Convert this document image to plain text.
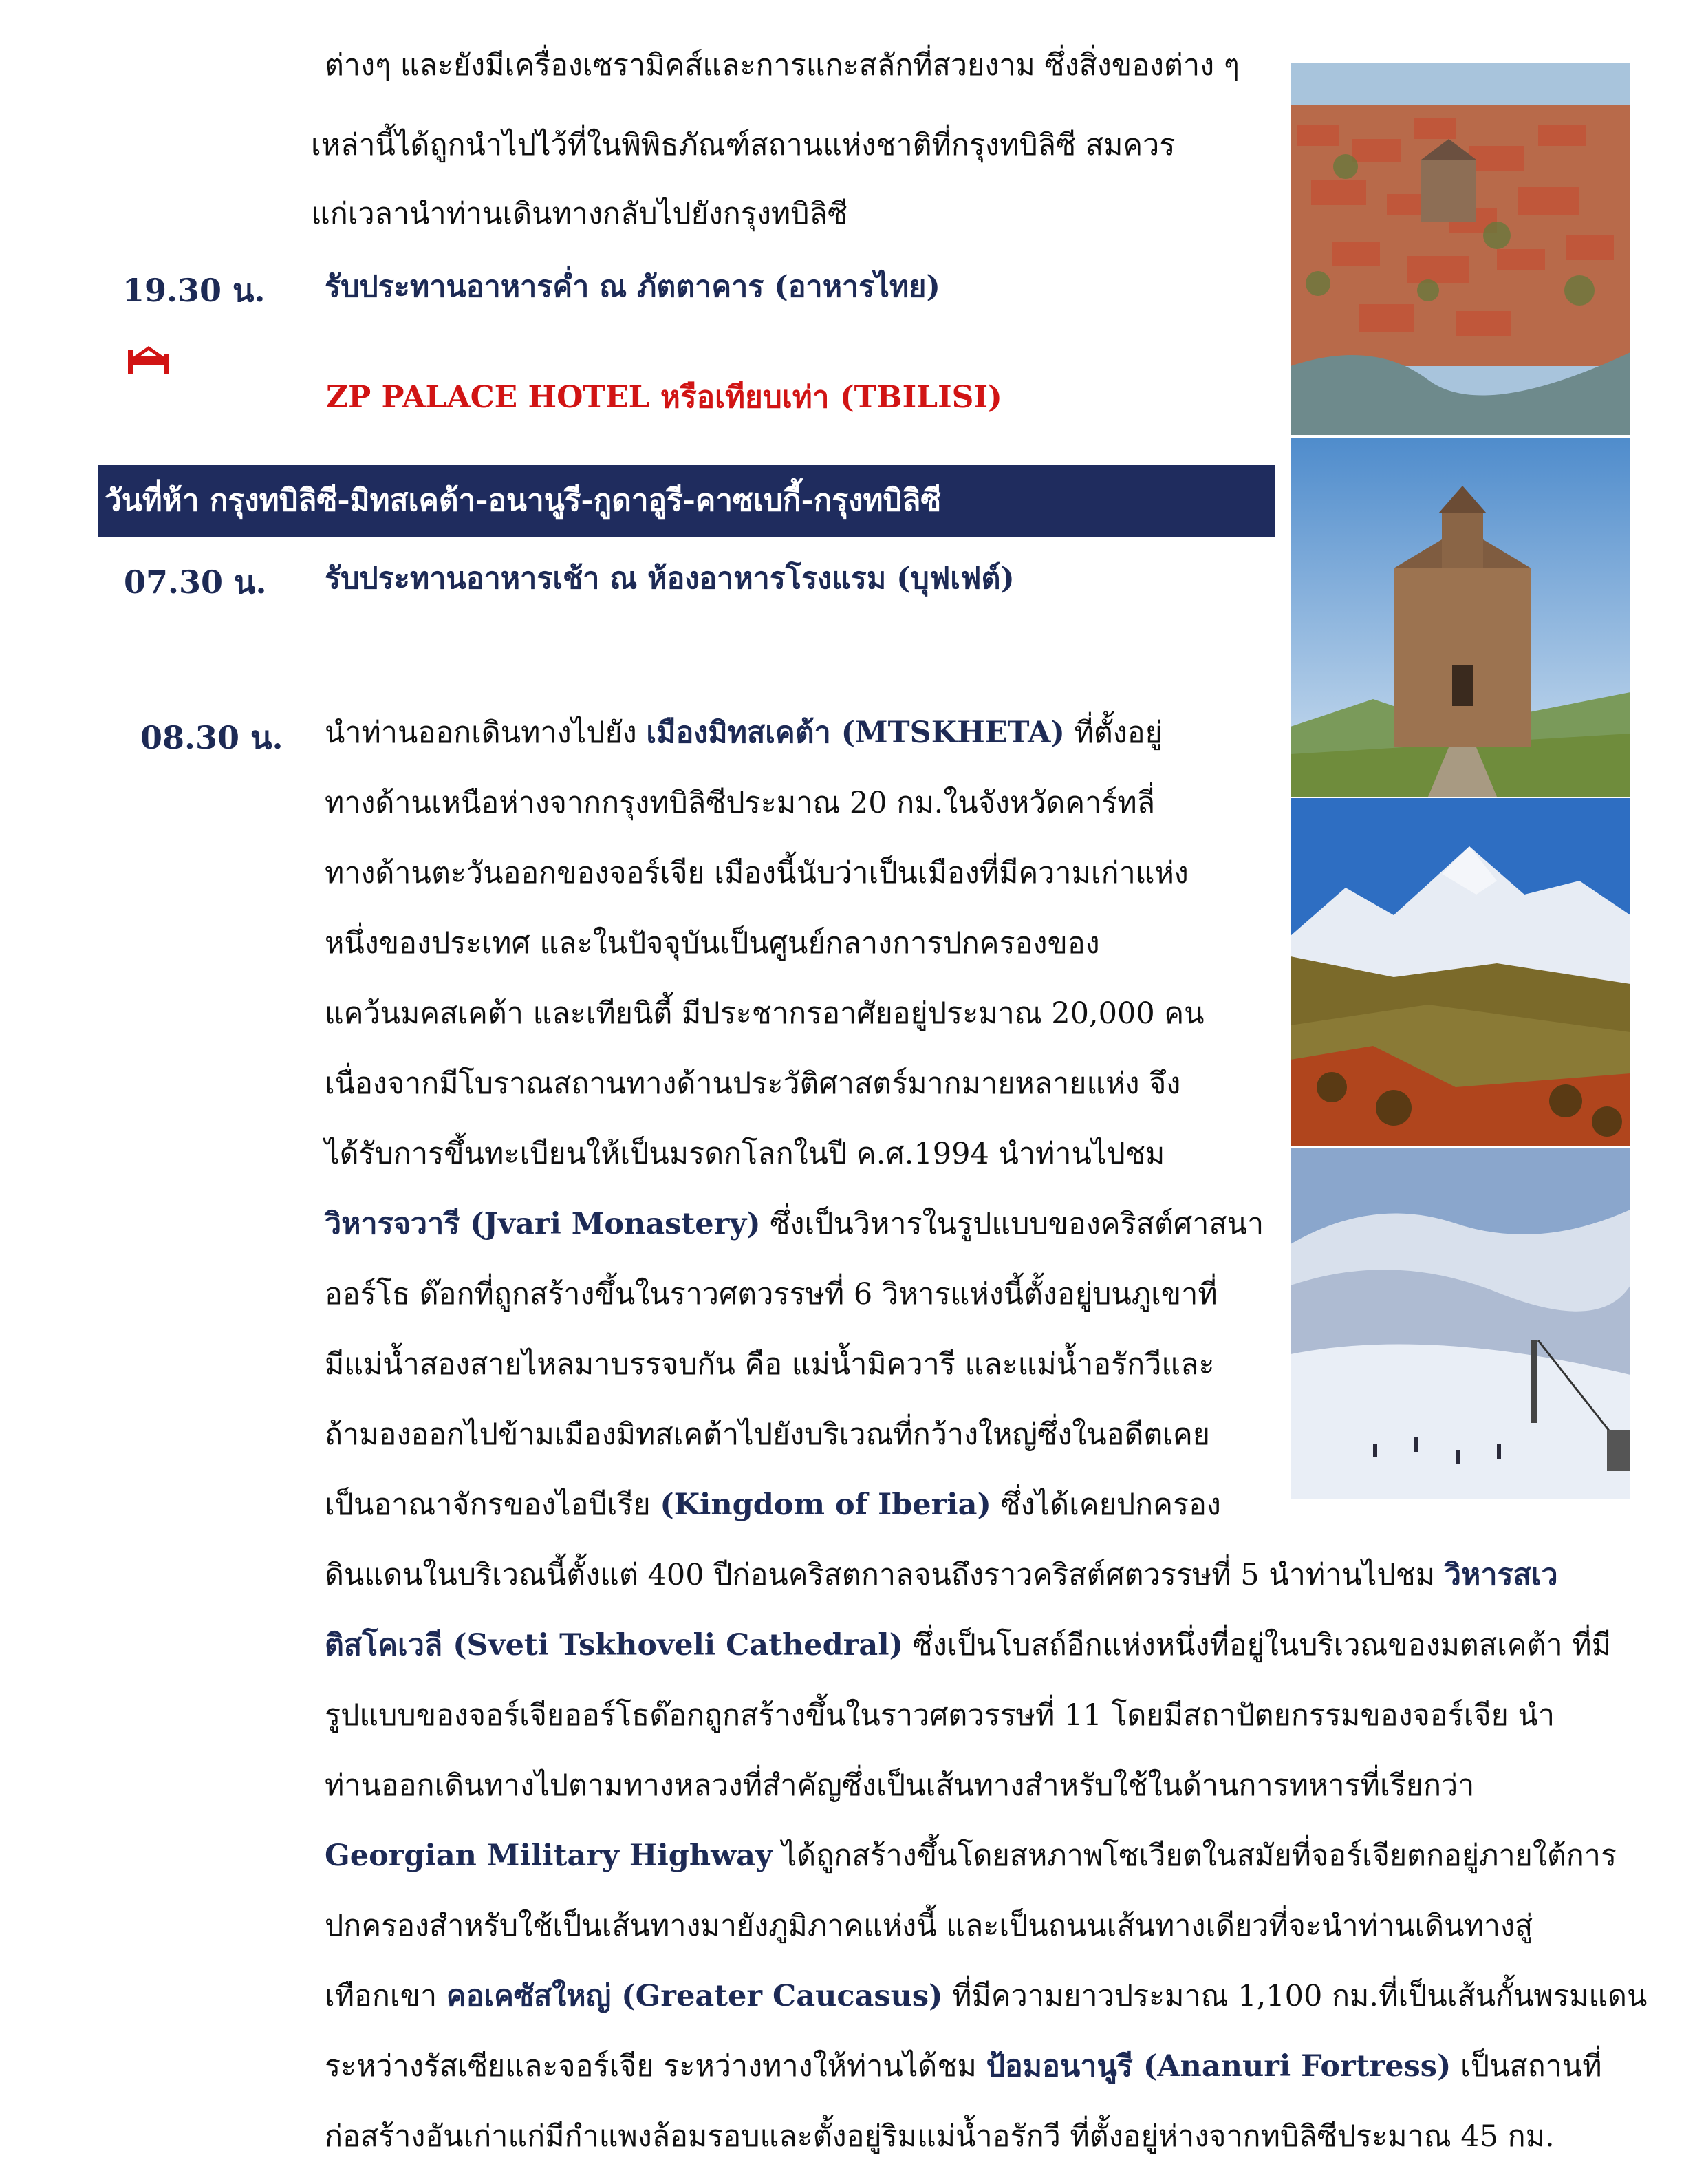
ต่างๆ และยังมีเครื่องเซรามิคส์และการแกะสลักที่สวยงาม ซึ่งสิ่งของต่าง ๆ

เหล่านี้ได้ถูกนำไปไว้ที่ในพิพิธภัณฑ์สถานแห่งชาติที่กรุงทบิลิซี สมควร

แก่เวลานำท่านเดินทางกลับไปยังกรุงทบิลิซี

19.30 น. รับประทานอาหารค่ำ ณ ภัตตาคาร (อาหารไทย)

ZP PALACE HOTEL หรือเทียบเท่า (TBILISI)

วันที่ห้า กรุงทบิลิซี-มิทสเคต้า-อนานูรี-กูดาอูรี-คาซเบกี้-กรุงทบิลิซี

07.30 น. รับประทานอาหารเช้า ณ ห้องอาหารโรงแรม (บุฟเฟต์)

08.30 น. นำท่านออกเดินทางไปยัง เมืองมิทสเคต้า (MTSKHETA) ที่ตั้งอยู่

ทางด้านเหนือห่างจากกรุงทบิลิซีประมาณ 20 กม.ในจังหวัดคาร์ทลี่

ทางด้านตะวันออกของจอร์เจีย เมืองนี้นับว่าเป็นเมืองที่มีความเก่าแห่ง

หนึ่งของประเทศ และในปัจจุบันเป็นศูนย์กลางการปกครองของ

แคว้นมคสเคต้า และเทียนิตี้ มีประชากรอาศัยอยู่ประมาณ 20,000 คน

เนื่องจากมีโบราณสถานทางด้านประวัติศาสตร์มากมายหลายแห่ง จึง

ได้รับการขึ้นทะเบียนให้เป็นมรดกโลกในปี ค.ศ.1994 นำท่านไปชม

วิหารจวารี (Jvari Monastery) ซึ่งเป็นวิหารในรูปแบบของคริสต์ศาสนา

ออร์โธ ด๊อกที่ถูกสร้างขึ้นในราวศตวรรษที่ 6 วิหารแห่งนี้ตั้งอยู่บนภูเขาที่

มีแม่น้ำสองสายไหลมาบรรจบกัน คือ แม่น้ำมิควารี และแม่น้ำอรักวีและ

ถ้ามองออกไปข้ามเมืองมิทสเคต้าไปยังบริเวณที่กว้างใหญ่ซึ่งในอดีตเคย

เป็นอาณาจักรของไอบีเรีย (Kingdom of Iberia) ซึ่งได้เคยปกครอง

ดินแดนในบริเวณนี้ตั้งแต่ 400 ปีก่อนคริสตกาลจนถึงราวคริสต์ศตวรรษที่ 5 นำท่านไปชม วิหารสเว

ติสโคเวลี (Sveti Tskhoveli Cathedral) ซึ่งเป็นโบสถ์อีกแห่งหนึ่งที่อยู่ในบริเวณของมตสเคต้า ที่มี

รูปแบบของจอร์เจียออร์โธด๊อกถูกสร้างขึ้นในราวศตวรรษที่ 11 โดยมีสถาปัตยกรรมของจอร์เจีย นำ

ท่านออกเดินทางไปตามทางหลวงที่สำคัญซึ่งเป็นเส้นทางสำหรับใช้ในด้านการทหารที่เรียกว่า

Georgian Military Highway ได้ถูกสร้างขึ้นโดยสหภาพโซเวียตในสมัยที่จอร์เจียตกอยู่ภายใต้การ

ปกครองสำหรับใช้เป็นเส้นทางมายังภูมิภาคแห่งนี้ และเป็นถนนเส้นทางเดียวที่จะนำท่านเดินทางสู่

เทือกเขา คอเคซัสใหญ่ (Greater Caucasus) ที่มีความยาวประมาณ 1,100 กม.ที่เป็นเส้นกั้นพรมแดน

ระหว่างรัสเซียและจอร์เจีย ระหว่างทางให้ท่านได้ชม ป้อมอนานูรี (Ananuri Fortress) เป็นสถานที่

ก่อสร้างอันเก่าแก่มีกำแพงล้อมรอบและตั้งอยู่ริมแม่น้ำอรักวี ที่ตั้งอยู่ห่างจากทบิลิซีประมาณ 45 กม.
